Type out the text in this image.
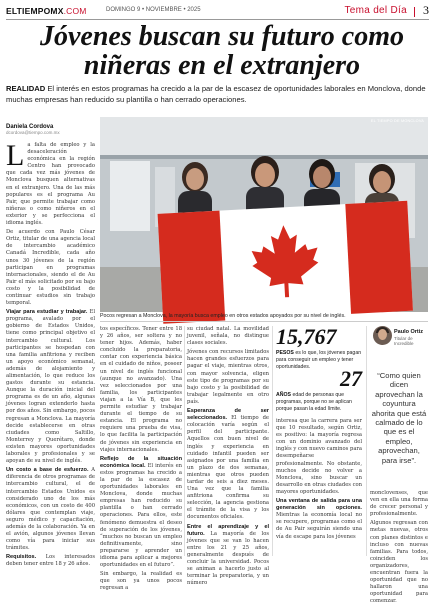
ELTIEMPOMX.COM	DOMINGO 9 • NOVIEMBRE • 2025	Tema del Día 3
Jóvenes buscan su futuro como niñeras en el extranjero
REALIDAD El interés en estos programas ha crecido a la par de la escasez de oportunidades laborales en Monclova, donde muchas empresas han reducido su plantilla o han cerrado operaciones.
Daniela Cordova
dcordova@tiempo.com.mx

La falta de empleo y la desaceleración económica en la región Centro han provocado que cada vez más jóvenes de Monclova busquen alternativas en el extranjero. Una de las más populares es el programa Au Pair, que permite trabajar como niñeras o como niñeros en el exterior y se perfecciona el idioma inglés.

De acuerdo con Paulo César Ortiz, titular de una agencia local de intercambio académico Canadá Incredible, cada año unos 30 jóvenes de la región participan en programas internacionales, siendo el de Au Pair el más solicitado por su bajo costo y la posibilidad de continuar estudios sin trabajo temporal.

Viajar para estudiar y trabajar. El programa, avalado por el gobierno de Estados Unidos, tiene como principal objetivo el intercambio cultural. Los participantes se hospedan con una familia anfitriona y reciben un apoyo económico semanal, además de alojamiento y alimentación, lo que reduce los gastos durante su estancia. Aunque la duración inicial del programa es de un año, algunas jóvenes logran extenderlo hasta por dos años. Sin embargo, pocos regresan a Monclova. La mayoría decide establecerse en otras ciudades como Saltillo, Monterrey y Querétaro, donde existen mayores oportunidades laborales y profesionales y se apoyan de su nivel de inglés.

Un costo a base de esfuerzo. A diferencia de otros programas de intercambio cultural, el de intercambio Estados Unidos es considerado uno de los más económicos, con un costo de 400 dólares que contemplan viaje, seguro médico y capacitación, además de la colaboración. Ya en el avión, algunos jóvenes llevan como vía para iniciar sus trámites.

Requisitos. Los interesados deben tener entre 18 y 26 años.

EL TIEMPO DE MONCLOVA
Pocos regresan a Monclova, la mayoría busca empleo en otros estados apoyados por su nivel de inglés.

tos específicos. Tener entre 18 y 26 años, ser soltera y no tener hijos. Además, haber concluido la preparatoria, contar con experiencia básica en el cuidado de niños, poseer un nivel de inglés funcional (aunque no avanzado). Una vez seleccionados por una familia, los participantes viajan a la Vía B, que les permite estudiar y trabajar durante el tiempo de su estancia. El programa no requiere una prueba de visa, lo que facilita la participación de jóvenes sin experiencia en viajes internacionales.

Reflejo de la situación económica local. El interés en estos programas ha crecido a la par de la escasez de oportunidades laborales en Monclova, donde muchas empresas han reducido su plantilla o han cerrado operaciones. Para ellos, este fenómeno demuestra el deseo de superación de los jóvenes, “muchos no buscan un empleo definitivamente, sino prepararse y aprender un idioma para aplicar a mejores oportunidades en el futuro”.

Sin embargo, la realidad es que son ya unos pocos regresan a

su ciudad natal. La movilidad juvenil, señala, no distingue clases sociales.

Jóvenes con recursos limitados hacen grandes esfuerzos para pagar el viaje, mientras otros, con mayor solvencia, eligen este tipo de programas por su bajo costo y la posibilidad de trabajar legalmente en otro país.

Esperanza de ser seleccionados. El tiempo de colocación varía según el perfil del participante. Aquellos con buen nivel de inglés y experiencia en cuidado infantil pueden ser asignados por una familia en un plazo de dos semanas, mientras que otros pueden tardar de seis a diez meses. Una vez que la familia anfitriona confirma su selección, la agencia gestiona el trámite de la visa y los documentos oficiales.

Entre el aprendizaje y el futuro. La mayoría de los jóvenes que se van lo hacen entre los 21 y 25 años, generalmente después de concluir la universidad. Pocos se animan a hacerlo justo al terminar la preparatoria, y un número

15,767
PESOS es lo que, los jóvenes pagan para conseguir un empleo y tener oportunidades.	27
AÑOS edad de personas que programas, porque no se aplican porque pasan la edad límite.

interesa que la carrera para ser que 10 resultado, según Ortiz, es positivo: la mayoría regresa con un dominio avanzado del inglés y con nuevo caminos para desempeñarse profesionalmente. No obstante, muchos decide no volver a Monclova, sino buscar un desarrollo en otras ciudades con mayores oportunidades.

Una ventana de salida para una generación sin opciones. Mientras la economía local no se recupere, programas como el de Au Pair seguirán siendo una vía de escape para los jóvenes

Paulo Ortiz
Titular de Incredible
“Como quien dicen aprovechan la coyuntura ahorita que está calmado de lo que es el empleo, aprovechan, para irse”.

monclovenses, que ven en ella una forma de crecer personal y profesionalmente.

Algunos regresan con metas nuevas, otros con planes distintos e incluso con nuevas familias. Para todos, coinciden los organizadores, encuentran fuera la oportunidad que no hallaron una oportunidad para comenzar.
